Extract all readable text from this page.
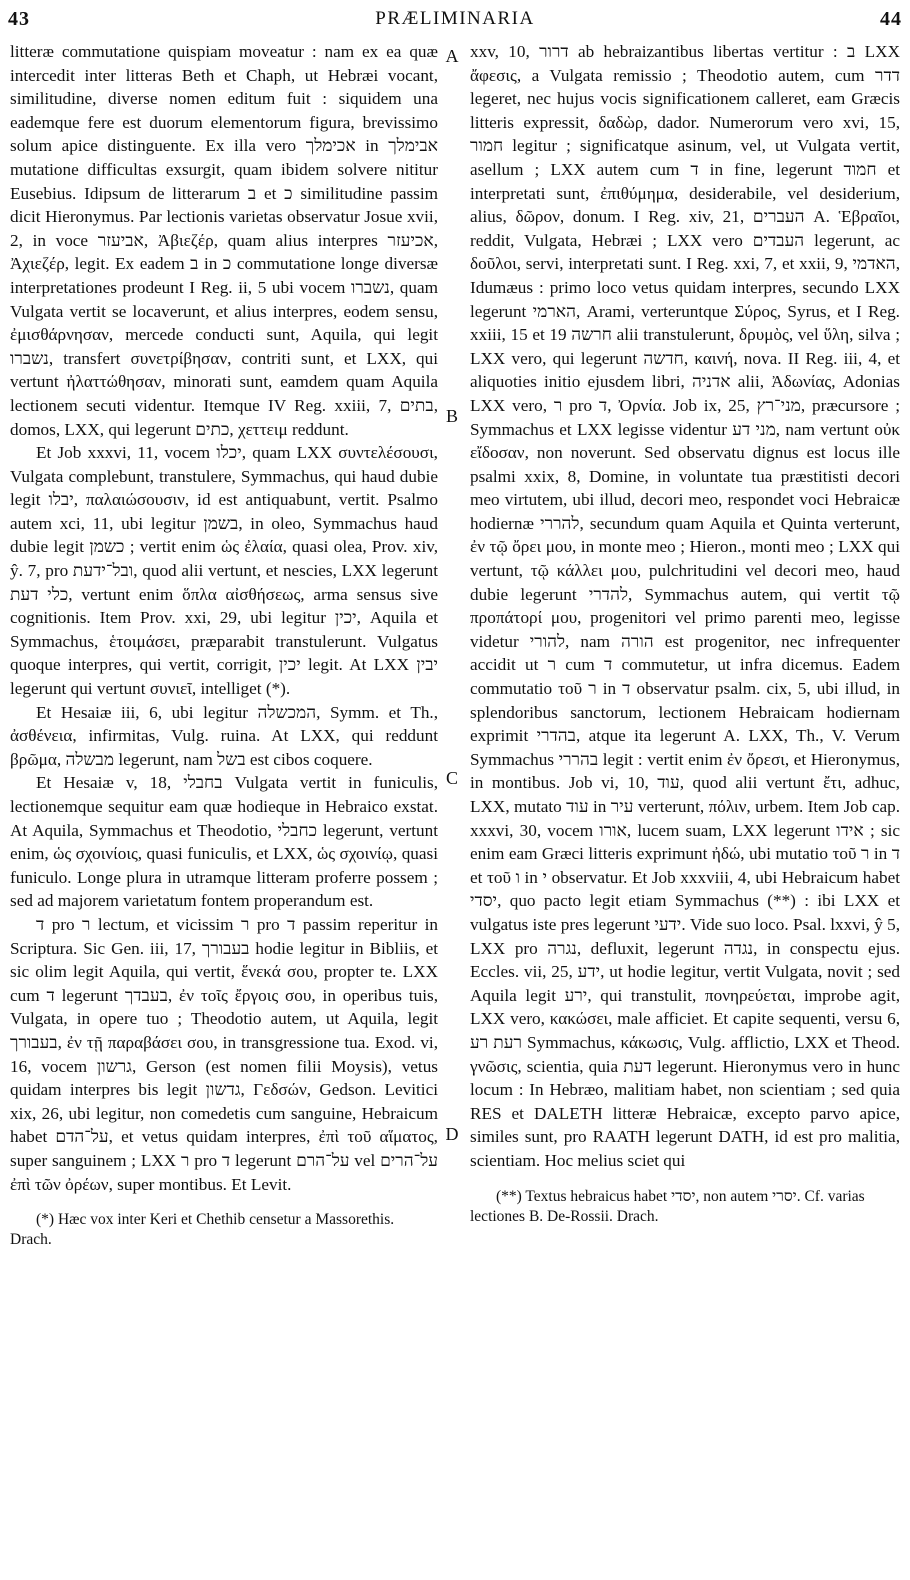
43	PRÆLIMINARIA	44
A
B
C
D

litteræ commutatione quispiam moveatur : nam ex ea quæ intercedit inter litteras Beth et Chaph, ut Hebræi vocant, similitudine, diverse nomen editum fuit : siquidem una eademque fere est duorum elementorum figura, brevissimo solum apice distinguente. Ex illa vero אכימלך in אבימלך mutatione difficultas exsurgit, quam ibidem solvere nititur Eusebius. Idipsum de litterarum ב et כ similitudine passim dicit Hieronymus. Par lectionis varietas observatur Josue xvii, 2, in voce אביעזר, Ἀβιεζέρ, quam alius interpres אכיעזר, Ἀχιεζέρ, legit. Ex eadem ב in כ commutatione longe diversæ interpretationes prodeunt I Reg. ii, 5 ubi vocem נשברו, quam Vulgata vertit se locaverunt, et alius interpres, eodem sensu, ἐμισθάρνησαν, mercede conducti sunt, Aquila, qui legit נשברו, transfert συνετρίβησαν, contriti sunt, et LXX, qui vertunt ἠλαττώθησαν, minorati sunt, eamdem quam Aquila lectionem secuti videntur. Itemque IV Reg. xxiii, 7, בתים, domos, LXX, qui legerunt כתים, χεττειμ reddunt.

Et Job xxxvi, 11, vocem יכלו, quam LXX συντελέσουσι, Vulgata complebunt, transtulere, Symmachus, qui haud dubie legit יבלו, παλαιώσουσιν, id est antiquabunt, vertit. Psalmo autem xci, 11, ubi legitur בשמן, in oleo, Symmachus haud dubie legit כשמן ; vertit enim ὡς ἐλαία, quasi olea, Prov. xiv, ŷ. 7, pro ובל־ידעת, quod alii vertunt, et nescies, LXX legerunt כלי דעת, vertunt enim ὅπλα αἰσθήσεως, arma sensus sive cognitionis. Item Prov. xxi, 29, ubi legitur יכין, Aquila et Symmachus, ἑτοιμάσει, præparabit transtulerunt. Vulgatus quoque interpres, qui vertit, corrigit, יכין legit. At LXX יבין legerunt qui vertunt συνιεῖ, intelliget (*).

Et Hesaiæ iii, 6, ubi legitur המכשלה, Symm. et Th., ἀσθένεια, infirmitas, Vulg. ruina. At LXX, qui reddunt βρῶμα, מבשלה legerunt, nam בשל est cibos coquere.

Et Hesaiæ v, 18, בחבלי Vulgata vertit in funiculis, lectionemque sequitur eam quæ hodieque in Hebraico exstat. At Aquila, Symmachus et Theodotio, כחבלי legerunt, vertunt enim, ὡς σχοινίοις, quasi funiculis, et LXX, ὡς σχοινίῳ, quasi funiculo. Longe plura in utramque litteram proferre possem ; sed ad majorem varietatum fontem properandum est.

ד pro ר lectum, et vicissim ר pro ד passim reperitur in Scriptura. Sic Gen. iii, 17, בעבורך hodie legitur in Bibliis, et sic olim legit Aquila, qui vertit, ἕνεκά σου, propter te. LXX cum ד legerunt בעבדך, ἐν τοῖς ἔργοις σου, in operibus tuis, Vulgata, in opere tuo ; Theodotio autem, ut Aquila, legit בעבורך, ἐν τῇ παραβάσει σου, in transgressione tua. Exod. vi, 16, vocem גרשון, Gerson (est nomen filii Moysis), vetus quidam interpres bis legit גדשון, Γεδσών, Gedson. Levitici xix, 26, ubi legitur, non comedetis cum sanguine, Hebraicum habet על־הדם, et vetus quidam interpres, ἐπὶ τοῦ αἵματος, super sanguinem ; LXX ר pro ד legerunt על־הרם vel על־הרים ἐπὶ τῶν ὀρέων, super montibus. Et Levit.

(*) Hæc vox inter Keri et Chethib censetur a Massorethis. Drach.

xxv, 10, דרור ab hebraizantibus libertas vertitur : ב LXX ἄφεσις, a Vulgata remissio ; Theodotio autem, cum דדר legeret, nec hujus vocis significationem calleret, eam Græcis litteris expressit, δαδὼρ, dador. Numerorum vero xvi, 15, חמור legitur ; significatque asinum, vel, ut Vulgata vertit, asellum ; LXX autem cum ד in fine, legerunt חמוד et interpretati sunt, ἐπιθύμημα, desiderabile, vel desiderium, alius, δῶρον, donum. I Reg. xiv, 21, העברים A. Ἑβραῖοι, reddit, Vulgata, Hebræi ; LXX vero העבדים legerunt, ac δοῦλοι, servi, interpretati sunt. I Reg. xxi, 7, et xxii, 9, האדמי, Idumæus : primo loco vetus quidam interpres, secundo LXX legerunt הארמי, Arami, verteruntque Σύρος, Syrus, et I Reg. xxiii, 15 et 19 חרשה alii transtulerunt, δρυμὸς, vel ὕλη, silva ; LXX vero, qui legerunt חדשה, καινή, nova. II Reg. iii, 4, et aliquoties initio ejusdem libri, אדניה alii, Ἀδωνίας, Adonias LXX vero, ר pro ד, Ὀρνία. Job ix, 25, מני־רץ, præcursore ; Symmachus et LXX legisse videntur מני דע, nam vertunt οὐκ εἴδοσαν, non noverunt. Sed observatu dignus est locus ille psalmi xxix, 8, Domine, in voluntate tua præstitisti decori meo virtutem, ubi illud, decori meo, respondet voci Hebraicæ hodiernæ להררי, secundum quam Aquila et Quinta verterunt, ἐν τῷ ὄρει μου, in monte meo ; Hieron., monti meo ; LXX qui vertunt, τῷ κάλλει μου, pulchritudini vel decori meo, haud dubie legerunt להדרי, Symmachus autem, qui vertit τῷ προπάτορί μου, progenitori vel primo parenti meo, legisse videtur להורי, nam הורה est progenitor, nec infrequenter accidit ut ר cum ד commutetur, ut infra dicemus. Eadem commutatio τοῦ ר in ד observatur psalm. cix, 5, ubi illud, in splendoribus sanctorum, lectionem Hebraicam hodiernam exprimit בהדרי, atque ita legerunt A. LXX, Th., V. Verum Symmachus בהררי legit : vertit enim ἐν ὄρεσι, et Hieronymus, in montibus. Job vi, 10, עוד, quod alii vertunt ἔτι, adhuc, LXX, mutato עוד in עיר verterunt, πόλιν, urbem. Item Job cap. xxxvi, 30, vocem אורו, lucem suam, LXX legerunt אידו ; sic enim eam Græci litteris exprimunt ἠδώ, ubi mutatio τοῦ ר in ד et τοῦ ו in י observatur. Et Job xxxviii, 4, ubi Hebraicum habet יסדי, quo pacto legit etiam Symmachus (**) : ibi LXX et vulgatus iste pres legerunt ידעי. Vide suo loco. Psal. lxxvi, ŷ 5, LXX pro נגרה, defluxit, legerunt נגדה, in conspectu ejus. Eccles. vii, 25, ידע, ut hodie legitur, vertit Vulgata, novit ; sed Aquila legit ירע, qui transtulit, πονηρεύεται, improbe agit, LXX vero, κακώσει, male afficiet. Et capite sequenti, versu 6, רעת רע Symmachus, κάκωσις, Vulg. afflictio, LXX et Theod. γνῶσις, scientia, quia דעת legerunt. Hieronymus vero in hunc locum : In Hebræo, malitiam habet, non scientiam ; sed quia RES et DALETH litteræ Hebraicæ, excepto parvo apice, similes sunt, pro RAATH legerunt DATH, id est pro malitia, scientiam. Hoc melius sciet qui

(**) Textus hebraicus habet יסדי, non autem יסרי. Cf. varias lectiones B. De-Rossii. Drach.
